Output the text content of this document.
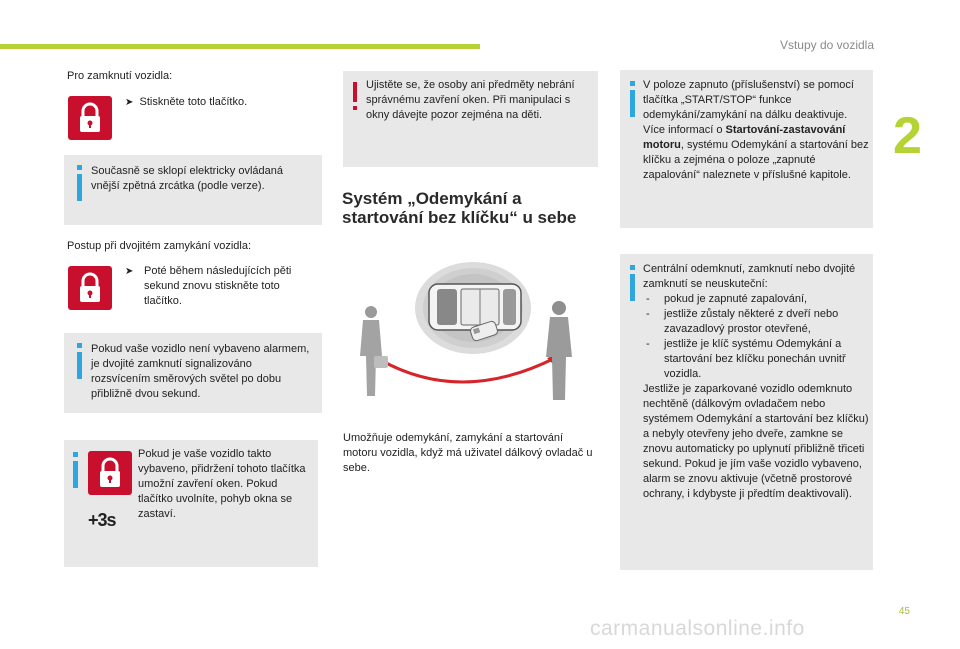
Vstupy do vozidla
2
Pro zamknutí vozidla:
➤ Stiskněte toto tlačítko.
Současně se sklopí elektricky ovládaná vnější zpětná zrcátka (podle verze).
Postup při dvojitém zamykání vozidla:
➤ Poté během následujících pěti sekund znovu stiskněte toto tlačítko.
Pokud vaše vozidlo není vybaveno alarmem, je dvojité zamknutí signalizováno rozsvícením směrových světel po dobu přibližně dvou sekund.
+3s
Pokud je vaše vozidlo takto vybaveno, přidržení tohoto tlačítka umožní zavření oken. Pokud tlačítko uvolníte, pohyb okna se zastaví.
Ujistěte se, že osoby ani předměty nebrání správnému zavření oken. Při manipulaci s okny dávejte pozor zejména na děti.
Systém „Odemykání a startování bez klíčku“ u sebe
Umožňuje odemykání, zamykání a startování motoru vozidla, když má uživatel dálkový ovladač u sebe.
V poloze zapnuto (příslušenství) se pomocí tlačítka „START/STOP“ funkce odemykání/zamykání na dálku deaktivuje. Více informací o Startování-zastavování motoru, systému Odemykání a startování bez klíčku a zejména o poloze „zapnuté zapalování“ naleznete v příslušné kapitole.
Centrální odemknutí, zamknutí nebo dvojité zamknutí se neuskuteční:
- pokud je zapnuté zapalování,
- jestliže zůstaly některé z dveří nebo zavazadlový prostor otevřené,
- jestliže je klíč systému Odemykání a startování bez klíčku ponechán uvnitř vozidla.
Jestliže je zaparkované vozidlo odemknuto nechtěně (dálkovým ovladačem nebo systémem Odemykání a startování bez klíčku) a nebyly otevřeny jeho dveře, zamkne se znovu automaticky po uplynutí přibližně třiceti sekund. Pokud je jím vaše vozidlo vybaveno, alarm se znovu aktivuje (včetně prostorové ochrany, i kdybyste ji předtím deaktivovali).
45
carmanualsonline.info
